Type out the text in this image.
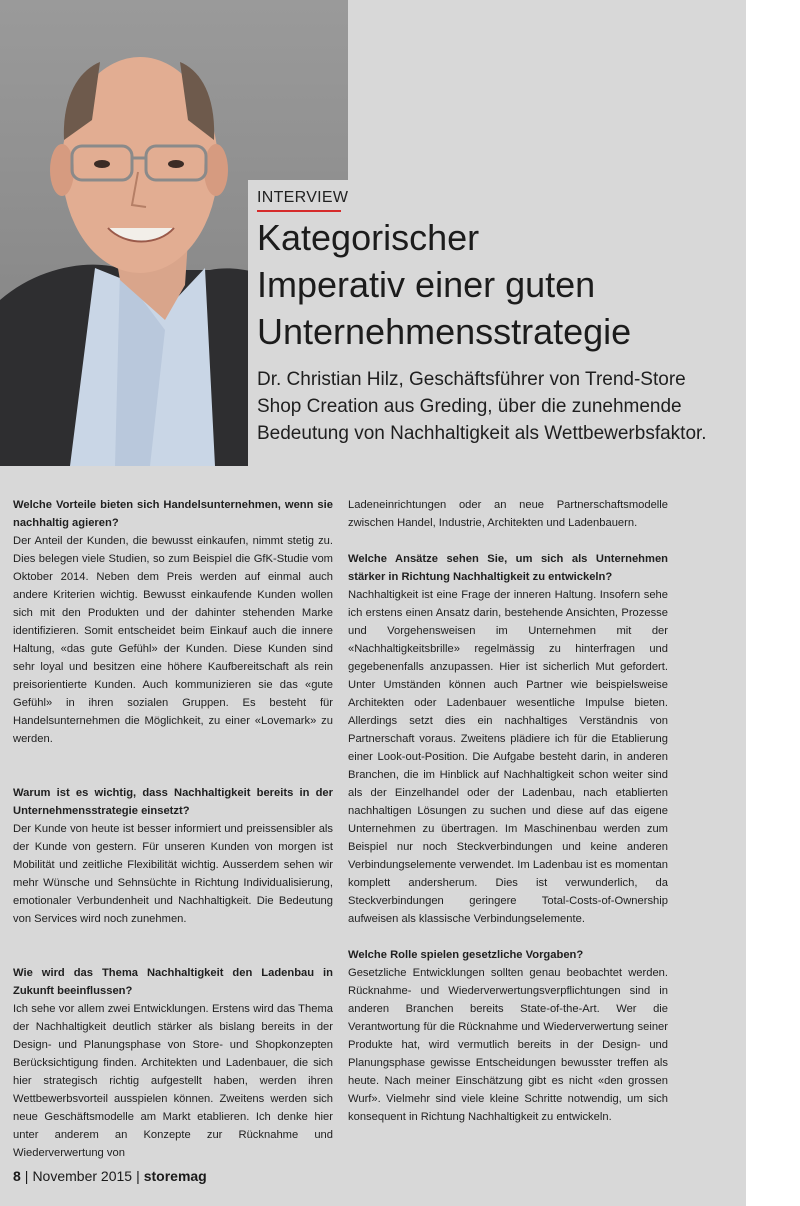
INTERVIEW
Kategorischer
Imperativ einer guten
Unternehmensstrategie

Dr. Christian Hilz, Geschäftsführer von Trend-Store Shop Creation aus Greding, über die zunehmende Bedeutung von Nachhaltigkeit als Wettbewerbsfaktor.

Welche Vorteile bieten sich Handelsunternehmen, wenn sie nachhaltig agieren?

Der Anteil der Kunden, die bewusst einkaufen, nimmt stetig zu. Dies belegen viele Studien, so zum Beispiel die GfK-Studie vom Oktober 2014. Neben dem Preis werden auf einmal auch andere Kriterien wichtig. Bewusst einkaufende Kunden wollen sich mit den Produkten und der dahinter stehenden Marke identifizieren. Somit entscheidet beim Einkauf auch die innere Haltung, «das gute Gefühl» der Kunden. Diese Kunden sind sehr loyal und besitzen eine höhere Kaufbereitschaft als rein preisorientierte Kunden. Auch kommunizieren sie das «gute Gefühl» in ihren sozialen Gruppen. Es besteht für Handelsunternehmen die Möglichkeit, zu einer «Lovemark» zu werden.

Warum ist es wichtig, dass Nachhaltigkeit bereits in der Unternehmensstrategie einsetzt?

Der Kunde von heute ist besser informiert und preissensibler als der Kunde von gestern. Für unseren Kunden von morgen ist Mobilität und zeitliche Flexibilität wichtig. Ausserdem sehen wir mehr Wünsche und Sehnsüchte in Richtung Individualisierung, emotionaler Verbundenheit und Nachhaltigkeit. Die Bedeutung von Services wird noch zunehmen.

Wie wird das Thema Nachhaltigkeit den Ladenbau in Zukunft beeinflussen?

Ich sehe vor allem zwei Entwicklungen. Erstens wird das Thema der Nachhaltigkeit deutlich stärker als bislang bereits in der Design- und Planungsphase von Store- und Shopkonzepten Berücksichtigung finden. Architekten und Ladenbauer, die sich hier strategisch richtig aufgestellt haben, werden ihren Wettbewerbsvorteil ausspielen können. Zweitens werden sich neue Geschäftsmodelle am Markt etablieren. Ich denke hier unter anderem an Konzepte zur Rücknahme und Wiederverwertung von

Ladeneinrichtungen oder an neue Partnerschaftsmodelle zwischen Handel, Industrie, Architekten und Ladenbauern.

Welche Ansätze sehen Sie, um sich als Unternehmen stärker in Richtung Nachhaltigkeit zu entwickeln?

Nachhaltigkeit ist eine Frage der inneren Haltung. Insofern sehe ich erstens einen Ansatz darin, bestehende Ansichten, Prozesse und Vorgehensweisen im Unternehmen mit der «Nachhaltigkeitsbrille» regelmässig zu hinterfragen und gegebenenfalls anzupassen. Hier ist sicherlich Mut gefordert. Unter Umständen können auch Partner wie beispielsweise Architekten oder Ladenbauer wesentliche Impulse bieten. Allerdings setzt dies ein nachhaltiges Verständnis von Partnerschaft voraus. Zweitens plädiere ich für die Etablierung einer Look-out-Position. Die Aufgabe besteht darin, in anderen Branchen, die im Hinblick auf Nachhaltigkeit schon weiter sind als der Einzelhandel oder der Ladenbau, nach etablierten nachhaltigen Lösungen zu suchen und diese auf das eigene Unternehmen zu übertragen. Im Maschinenbau werden zum Beispiel nur noch Steckverbindungen und keine anderen Verbindungselemente verwendet. Im Ladenbau ist es momentan komplett andersherum. Dies ist verwunderlich, da Steckverbindungen geringere Total-Costs-of-Ownership aufweisen als klassische Verbindungselemente.

Welche Rolle spielen gesetzliche Vorgaben?

Gesetzliche Entwicklungen sollten genau beobachtet werden. Rücknahme- und Wiederverwertungsverpflichtungen sind in anderen Branchen bereits State-of-the-Art. Wer die Verantwortung für die Rücknahme und Wiederverwertung seiner Produkte hat, wird vermutlich bereits in der Design- und Planungsphase gewisse Entscheidungen bewusster treffen als heute. Nach meiner Einschätzung gibt es nicht «den grossen Wurf». Vielmehr sind viele kleine Schritte notwendig, um sich konsequent in Richtung Nachhaltigkeit zu entwickeln.

8 | November 2015 | storemag
